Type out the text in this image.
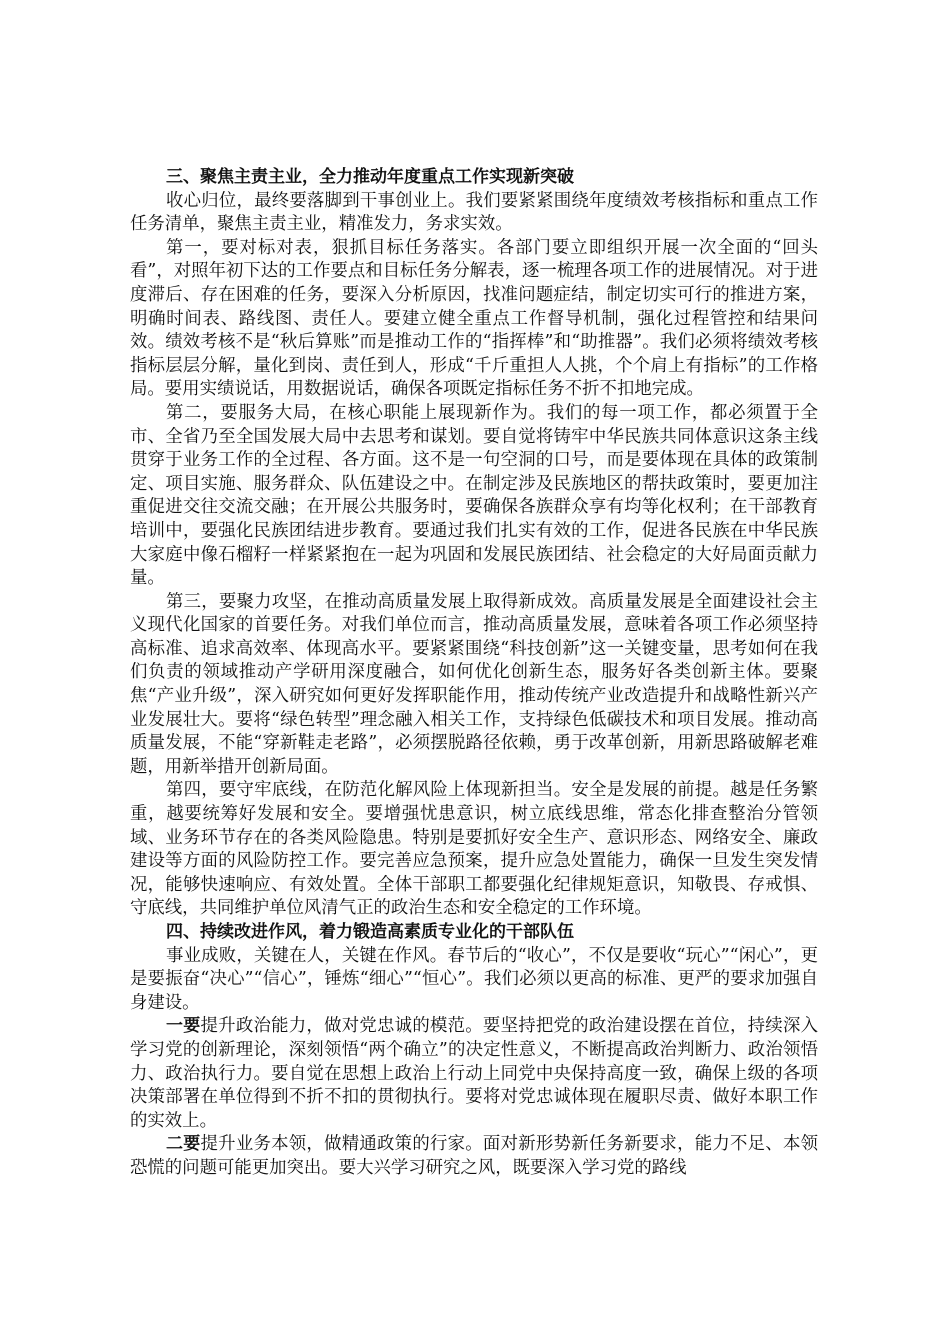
三、聚焦主责主业，全力推动年度重点工作实现新突破

收心归位，最终要落脚到干事创业上。我们要紧紧围绕年度绩效考核指标和重点工作任务清单，聚焦主责主业，精准发力，务求实效。

第一，要对标对表，狠抓目标任务落实。各部门要立即组织开展一次全面的“回头看”，对照年初下达的工作要点和目标任务分解表，逐一梳理各项工作的进展情况。对于进度滞后、存在困难的任务，要深入分析原因，找准问题症结，制定切实可行的推进方案，明确时间表、路线图、责任人。要建立健全重点工作督导机制，强化过程管控和结果问效。绩效考核不是“秋后算账”而是推动工作的“指挥棒”和“助推器”。我们必须将绩效考核指标层层分解，量化到岗、责任到人，形成“千斤重担人人挑，个个肩上有指标”的工作格局。要用实绩说话，用数据说话，确保各项既定指标任务不折不扣地完成。

第二，要服务大局，在核心职能上展现新作为。我们的每一项工作，都必须置于全市、全省乃至全国发展大局中去思考和谋划。要自觉将铸牢中华民族共同体意识这条主线贯穿于业务工作的全过程、各方面。这不是一句空洞的口号，而是要体现在具体的政策制定、项目实施、服务群众、队伍建设之中。在制定涉及民族地区的帮扶政策时，要更加注重促进交往交流交融；在开展公共服务时，要确保各族群众享有均等化权利；在干部教育培训中，要强化民族团结进步教育。要通过我们扎实有效的工作，促进各民族在中华民族大家庭中像石榴籽一样紧紧抱在一起为巩固和发展民族团结、社会稳定的大好局面贡献力量。

第三，要聚力攻坚，在推动高质量发展上取得新成效。高质量发展是全面建设社会主义现代化国家的首要任务。对我们单位而言，推动高质量发展，意味着各项工作必须坚持高标准、追求高效率、体现高水平。要紧紧围绕“科技创新”这一关键变量，思考如何在我们负责的领域推动产学研用深度融合，如何优化创新生态，服务好各类创新主体。要聚焦“产业升级”，深入研究如何更好发挥职能作用，推动传统产业改造提升和战略性新兴产业发展壮大。要将“绿色转型”理念融入相关工作，支持绿色低碳技术和项目发展。推动高质量发展，不能“穿新鞋走老路”，必须摆脱路径依赖，勇于改革创新，用新思路破解老难题，用新举措开创新局面。

第四，要守牢底线，在防范化解风险上体现新担当。安全是发展的前提。越是任务繁重，越要统筹好发展和安全。要增强忧患意识，树立底线思维，常态化排查整治分管领域、业务环节存在的各类风险隐患。特别是要抓好安全生产、意识形态、网络安全、廉政建设等方面的风险防控工作。要完善应急预案，提升应急处置能力，确保一旦发生突发情况，能够快速响应、有效处置。全体干部职工都要强化纪律规矩意识，知敬畏、存戒惧、守底线，共同维护单位风清气正的政治生态和安全稳定的工作环境。

四、持续改进作风，着力锻造高素质专业化的干部队伍

事业成败，关键在人，关键在作风。春节后的“收心”，不仅是要收“玩心”“闲心”，更是要振奋“决心”“信心”，锤炼“细心”“恒心”。我们必须以更高的标准、更严的要求加强自身建设。

一要提升政治能力，做对党忠诚的模范。要坚持把党的政治建设摆在首位，持续深入学习党的创新理论，深刻领悟“两个确立”的决定性意义，不断提高政治判断力、政治领悟力、政治执行力。要自觉在思想上政治上行动上同党中央保持高度一致，确保上级的各项决策部署在单位得到不折不扣的贯彻执行。要将对党忠诚体现在履职尽责、做好本职工作的实效上。

二要提升业务本领，做精通政策的行家。面对新形势新任务新要求，能力不足、本领恐慌的问题可能更加突出。要大兴学习研究之风，既要深入学习党的路线
